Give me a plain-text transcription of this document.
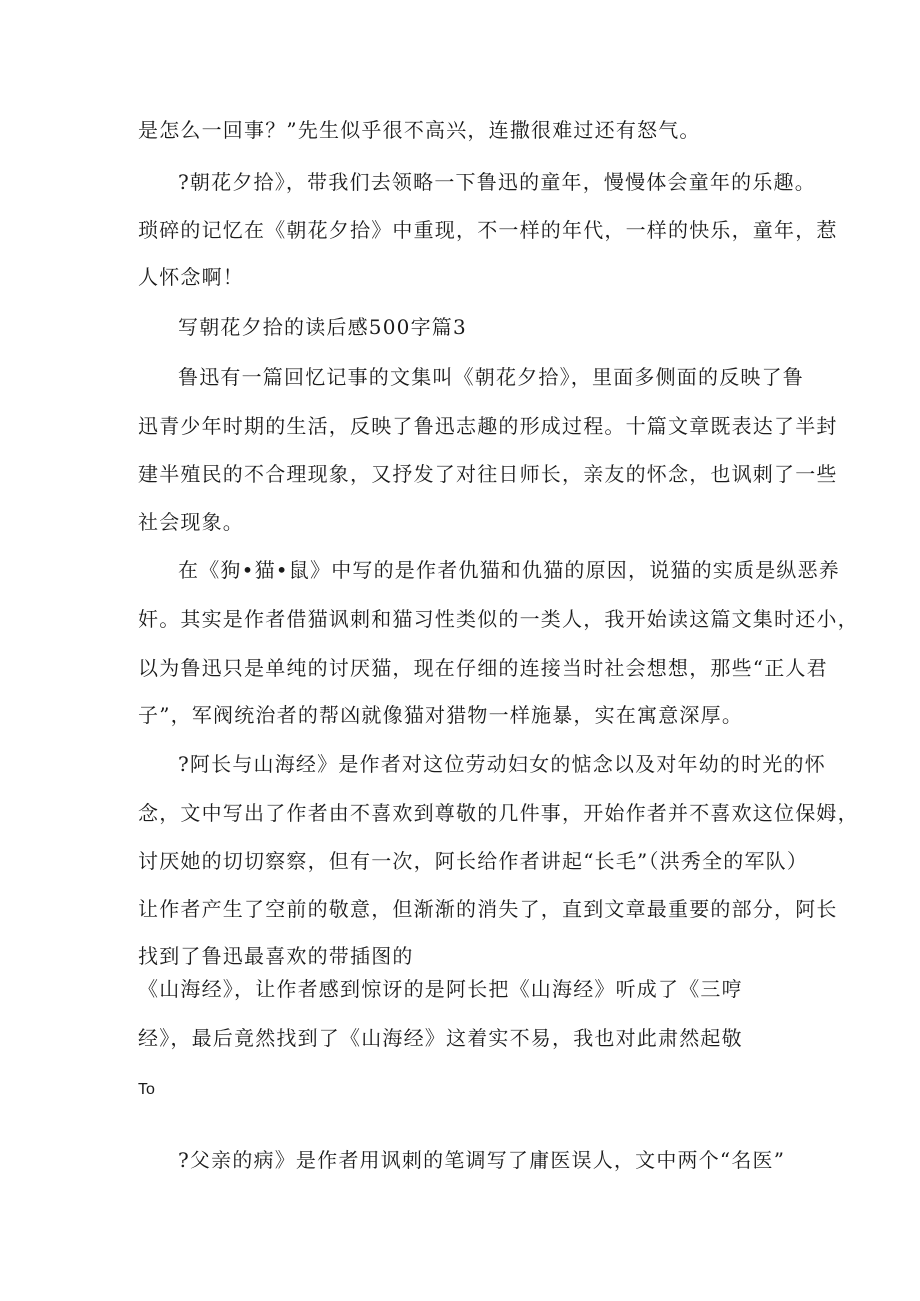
是怎么一回事？”先生似乎很不高兴，连撒很难过还有怒气。
?朝花夕拾》，带我们去领略一下鲁迅的童年，慢慢体会童年的乐趣。
琐碎的记忆在《朝花夕拾》中重现，不一样的年代，一样的快乐，童年，惹
人怀念啊！
写朝花夕拾的读后感500字篇3
鲁迅有一篇回忆记事的文集叫《朝花夕拾》，里面多侧面的反映了鲁
迅青少年时期的生活，反映了鲁迅志趣的形成过程。十篇文章既表达了半封
建半殖民的不合理现象，又抒发了对往日师长，亲友的怀念，也讽刺了一些
社会现象。
在《狗•猫•鼠》中写的是作者仇猫和仇猫的原因，说猫的实质是纵恶养
奸。其实是作者借猫讽刺和猫习性类似的一类人，我开始读这篇文集时还小，
以为鲁迅只是单纯的讨厌猫，现在仔细的连接当时社会想想，那些“正人君
子”，军阀统治者的帮凶就像猫对猎物一样施暴，实在寓意深厚。
?阿长与山海经》是作者对这位劳动妇女的惦念以及对年幼的时光的怀
念，文中写出了作者由不喜欢到尊敬的几件事，开始作者并不喜欢这位保姆，
讨厌她的切切察察，但有一次，阿长给作者讲起“长毛”（洪秀全的军队）
让作者产生了空前的敬意，但渐渐的消失了，直到文章最重要的部分，阿长
找到了鲁迅最喜欢的带插图的
《山海经》，让作者感到惊讶的是阿长把《山海经》听成了《三哼
经》，最后竟然找到了《山海经》这着实不易，我也对此肃然起敬
To
?父亲的病》是作者用讽刺的笔调写了庸医误人，文中两个“名医”
